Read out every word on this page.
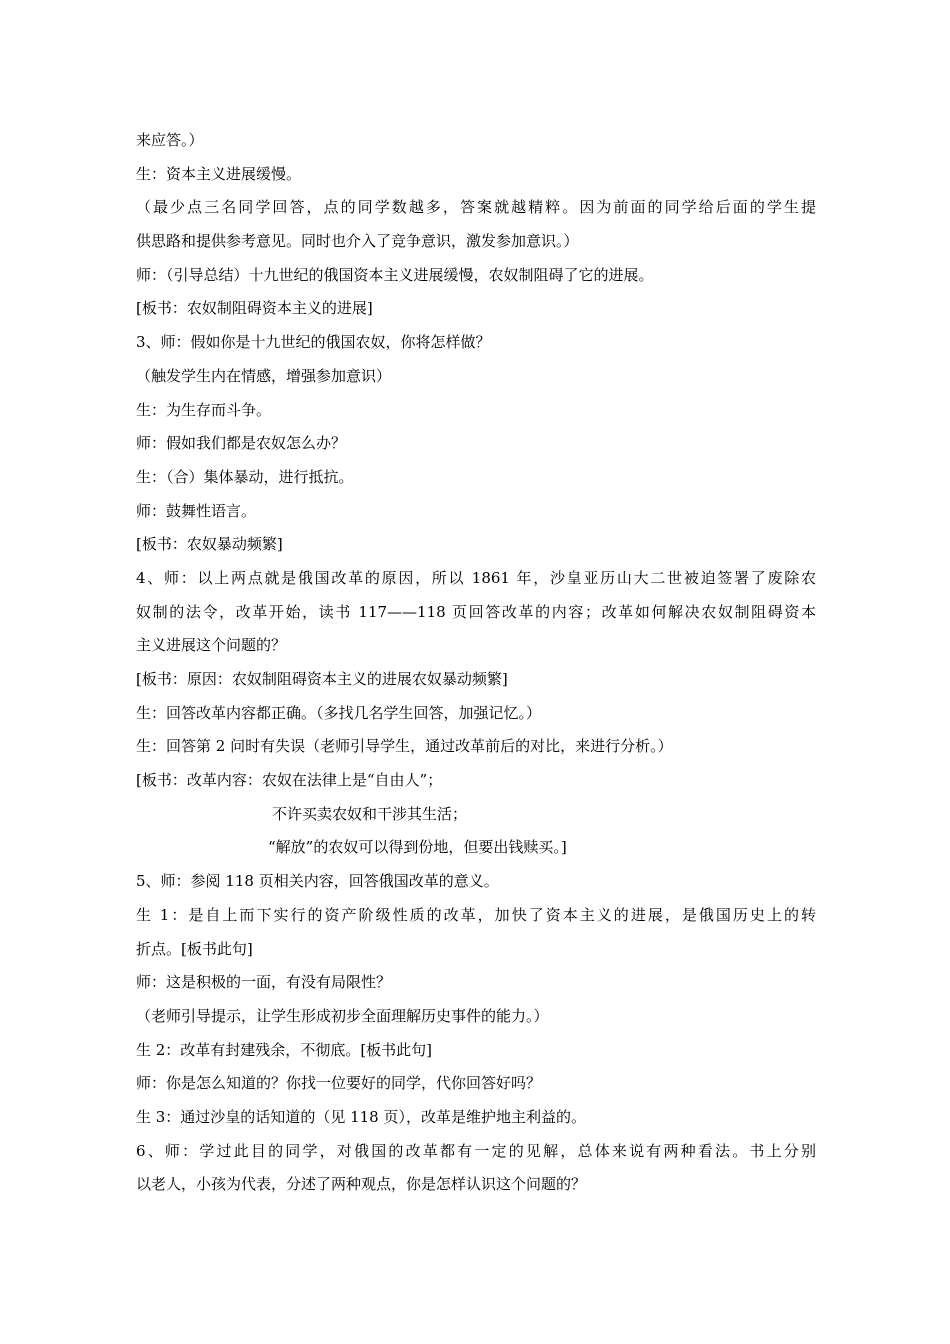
来应答。）
生：资本主义进展缓慢。
（最少点三名同学回答，点的同学数越多，答案就越精粹。因为前面的同学给后面的学生提
供思路和提供参考意见。同时也介入了竞争意识，激发参加意识。）
师：（引导总结）十九世纪的俄国资本主义进展缓慢，农奴制阻碍了它的进展。
[板书：农奴制阻碍资本主义的进展]
3、师：假如你是十九世纪的俄国农奴，你将怎样做？
（触发学生内在情感，增强参加意识）
生：为生存而斗争。
师：假如我们都是农奴怎么办？
生：（合）集体暴动，进行抵抗。
师：鼓舞性语言。
[板书：农奴暴动频繁]
4、师：以上两点就是俄国改革的原因，所以 1861 年，沙皇亚历山大二世被迫签署了废除农
奴制的法令，改革开始，读书 117——118 页回答改革的内容；改革如何解决农奴制阻碍资本
主义进展这个问题的？
[板书：原因：农奴制阻碍资本主义的进展农奴暴动频繁]
生：回答改革内容都正确。（多找几名学生回答，加强记忆。）
生：回答第 2 问时有失误（老师引导学生，通过改革前后的对比，来进行分析。）
[板书：改革内容：农奴在法律上是“自由人”；
不许买卖农奴和干涉其生活；
“解放”的农奴可以得到份地，但要出钱赎买。]
5、师：参阅 118 页相关内容，回答俄国改革的意义。
生 1：是自上而下实行的资产阶级性质的改革，加快了资本主义的进展，是俄国历史上的转
折点。[板书此句]
师：这是积极的一面，有没有局限性？
（老师引导提示，让学生形成初步全面理解历史事件的能力。）
生 2：改革有封建残余，不彻底。[板书此句]
师：你是怎么知道的？你找一位要好的同学，代你回答好吗？
生 3：通过沙皇的话知道的（见 118 页），改革是维护地主利益的。
6、师：学过此目的同学，对俄国的改革都有一定的见解，总体来说有两种看法。书上分别
以老人，小孩为代表，分述了两种观点，你是怎样认识这个问题的？
